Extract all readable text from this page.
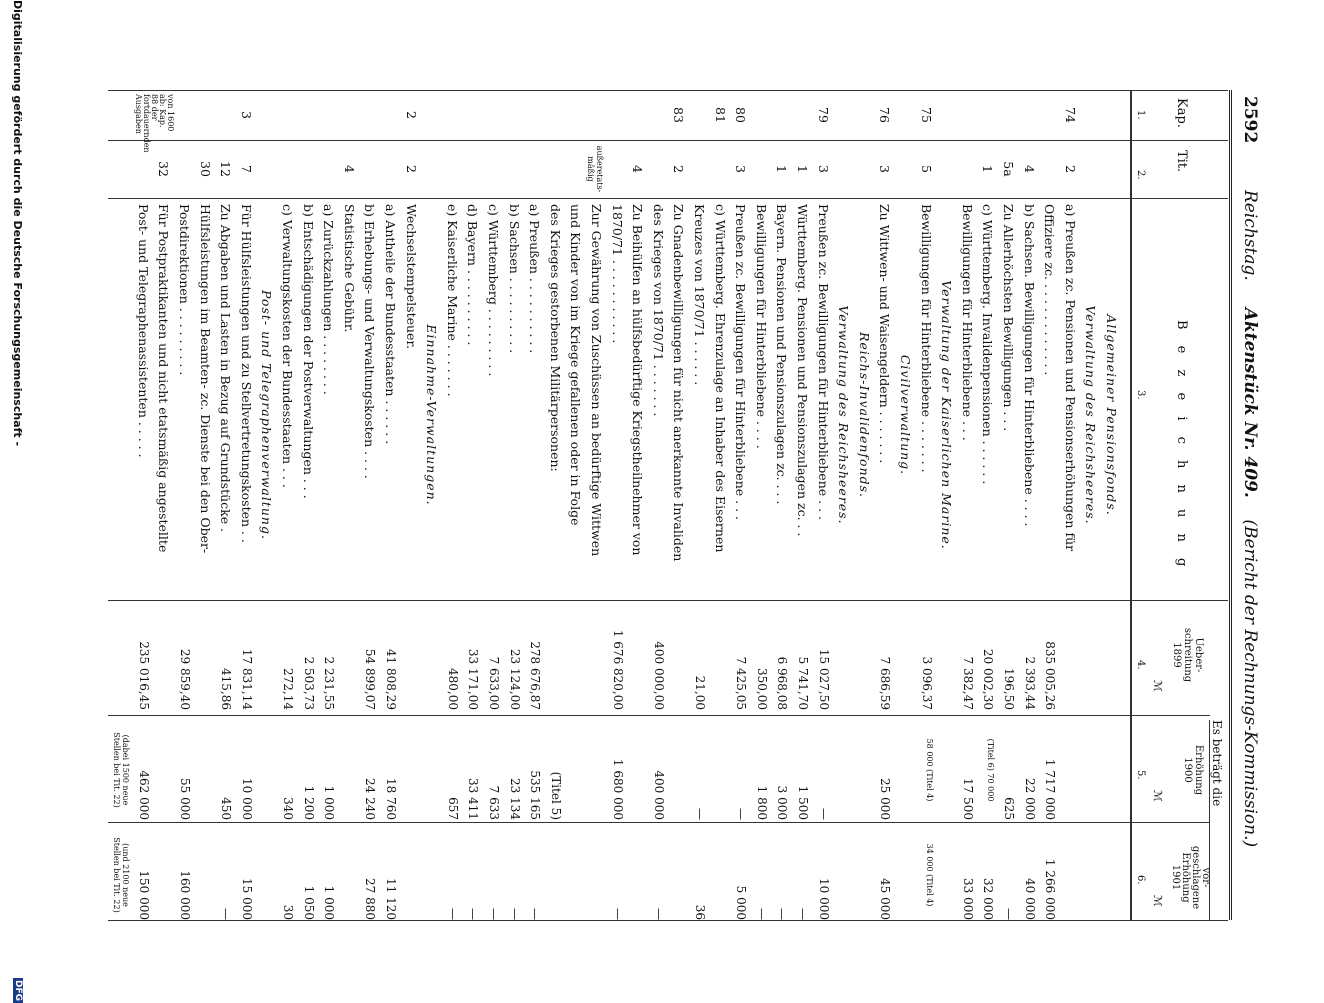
2592
Reichstag.     Aktenstück Nr. 409.    (Bericht der Rechnungs-Kommission.)
Kap.
Tit.
B e z e i c h n u n g
Es beträgt die
Ueber-
schreitung
1899
Erhöhung
1900
vor-
geschlagene
Erhöhung
1901
ℳ
ℳ
ℳ
1.
2.
3.
4.
5.
6.
Allgemeiner Pensionsfonds.
Verwaltung des Reichsheeres.
74
2
a) Preußen zc. Pensionen und Pensionserhöhungen für
Offiziere zc. . . . . . . . . . . . .
835 005,26
1 717 000
1 266 000
4
b) Sachsen. Bewilligungen für Hinterbliebene . . . .
2 393,44
22 000
40 000
5a
Zu Allerhöchsten Bewilligungen . . .
196,50
625
—
1
c) Württemberg. Invalidenpensionen . . . . . .
20 002,30
(Titel 6) 70 000
32 000
Bewilligungen für Hinterbliebene . . .
7 382,47
17 500
33 000
Verwaltung der Kaiserlichen Marine.
75
5
Bewilligungen für Hinterbliebene . . . . . . .
3 096,37
58 000 (Titel 4)
34 000 (Titel 4)
Civilverwaltung.
76
3
Zu Wittwen- und Waisengeldern . . . . . . .
7 686,59
25 000
45 000
Reichs-Invalidenfonds.
Verwaltung des Reichsheeres.
79
3
Preußen zc. Bewilligungen für Hinterbliebene . . .
15 027,50
—
10 000
1
Württemberg. Pensionen und Pensionszulagen zc. . .
5 741,70
1 500
—
1
Bayern. Pensionen und Pensionszulagen zc. . . .
6 968,08
3 000
—
Bewilligungen für Hinterbliebene . . . .
350,00
1 800
—
80
3
Preußen zc. Bewilligungen für Hinterbliebene . . .
7 425,05
—
5 000
81
c) Württemberg. Ehrenzulage an Inhaber des Eisernen
Kreuzes von 1870/71 . . . . . .
21,00
—
36
83
2
Zu Gnadenbewilligungen für nicht anerkannte Invaliden
des Krieges von 1870/71 . . . . . . .
400 000,00
400 000
—
4
Zu Beihülfen an hülfsbedürftige Kriegstheilnehmer von
1870/71 . . . . . . . . . . .
1 676 820,00
1 680 000
—
außeretats-mäßig
Zur Gewährung von Zuschüssen an bedürftige Wittwen
und Kinder von im Kriege gefallenen oder in Folge
des Krieges gestorbenen Militärpersonen:
(Titel 5)
a) Preußen . . . . . . . . . .
278 676,87
535 165
—
b) Sachsen . . . . . . . . . .
23 124,00
23 134
—
c) Württemberg . . . . . . . . .
7 633,00
7 633
—
d) Bayern . . . . . . . . . .
33 171,00
33 411
—
e) Kaiserliche Marine . . . . . . .
480,00
657
—
Einnahme-Verwaltungen.
2
2
Wechselstempelsteuer.
a) Antheile der Bundesstaaten . . . . . .
41 808,29
18 760
11 120
b) Erhebungs- und Verwaltungskosten . . . .
54 899,07
24 240
27 880
4
Statistische Gebühr.
a) Zurückzahlungen . . . . . . . .
2 231,55
1 000
1 000
b) Entschädigungen der Postverwaltungen . . .
2 503,73
1 200
1 050
c) Verwaltungskosten der Bundesstaaten . . .
272,14
340
30
Post- und Telegraphenverwaltung.
3
7
Für Hülfsleistungen und zu Stellvertretungskosten . .
17 831,14
10 000
15 000
12
Zu Abgaben und Lasten in Bezug auf Grundstücke .
415,86
450
—
30
Hülfsleistungen im Beamten- zc. Dienste bei den Ober-
Postdirektionen . . . . . . . . .
29 859,40
55 000
160 000
32
Für Postpraktikanten und nicht etatsmäßig angestellte
Post- und Telegraphenassistenten . . . . .
235 016,45
462 000
150 000
(dabei 1500 neue Stellen bei Tit. 22)
(und 2100 neue Stellen bei Tit. 22)
von 1600 ab: Kap. 88 der fortdauernden Ausgaben
Digitalisierung gefördert durch die Deutsche Forschungsgemeinschaft -
DFG
